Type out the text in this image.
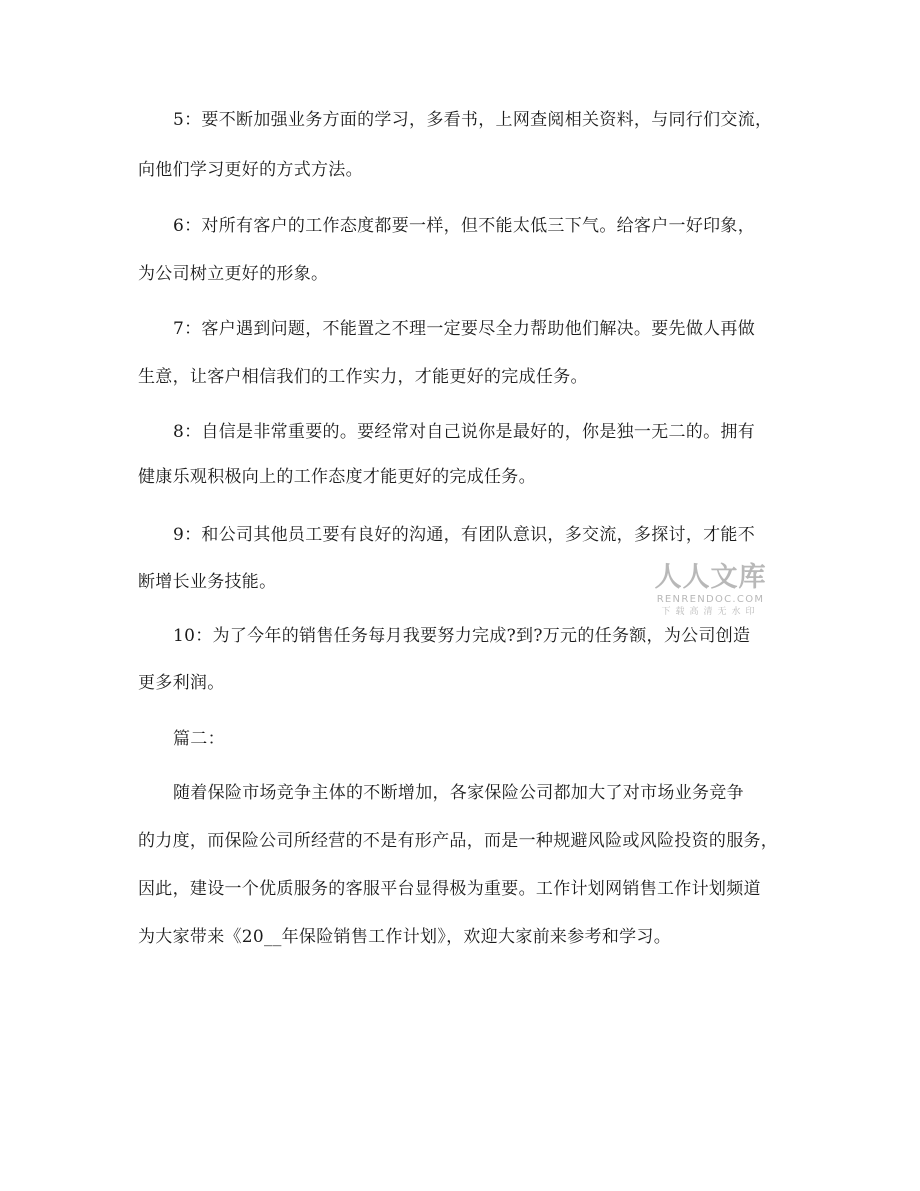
5：要不断加强业务方面的学习，多看书，上网查阅相关资料，与同行们交流，
向他们学习更好的方式方法。
6：对所有客户的工作态度都要一样，但不能太低三下气。给客户一好印象，
为公司树立更好的形象。
7：客户遇到问题，不能置之不理一定要尽全力帮助他们解决。要先做人再做
生意，让客户相信我们的工作实力，才能更好的完成任务。
8：自信是非常重要的。要经常对自己说你是最好的，你是独一无二的。拥有
健康乐观积极向上的工作态度才能更好的完成任务。
9：和公司其他员工要有良好的沟通，有团队意识，多交流，多探讨，才能不
断增长业务技能。
10：为了今年的销售任务每月我要努力完成?到?万元的任务额，为公司创造
更多利润。
篇二：
随着保险市场竞争主体的不断增加，各家保险公司都加大了对市场业务竞争
的力度，而保险公司所经营的不是有形产品，而是一种规避风险或风险投资的服务，
因此，建设一个优质服务的客服平台显得极为重要。工作计划网销售工作计划频道
为大家带来《20__年保险销售工作计划》，欢迎大家前来参考和学习。
人人文库
RENRENDOC.COM
下载高清无水印
